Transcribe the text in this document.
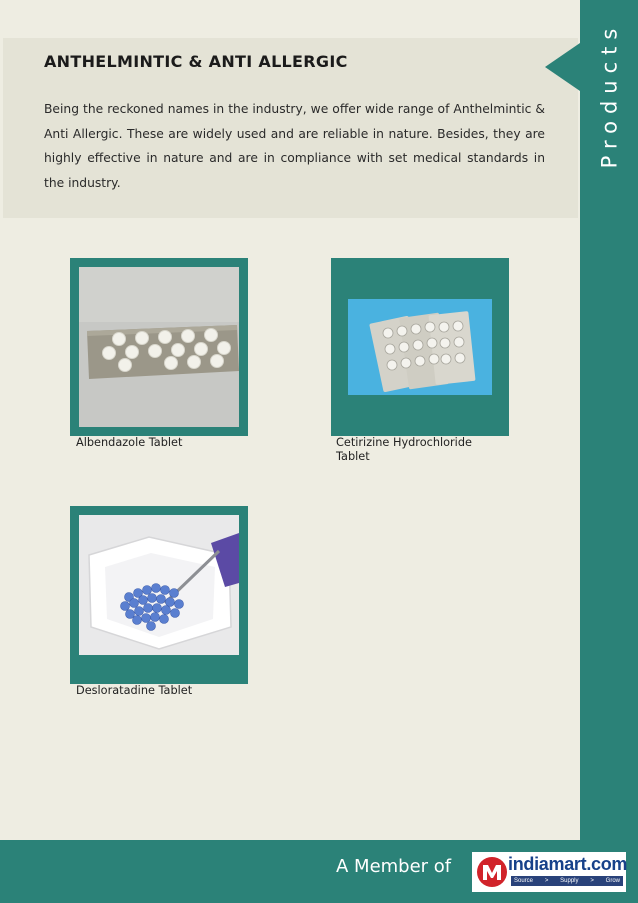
ANTHELMINTIC & ANTI ALLERGIC

Being the reckoned names in the industry, we offer wide range of Anthelmintic & Anti Allergic. These are widely used and are reliable in nature. Besides, they are highly effective in nature and are in compliance with set medical standards in the industry.

Products

Albendazole Tablet	Cetirizine Hydrochloride Tablet

Desloratadine Tablet

A Member of	indiamart.com

Source > Supply > Grow
